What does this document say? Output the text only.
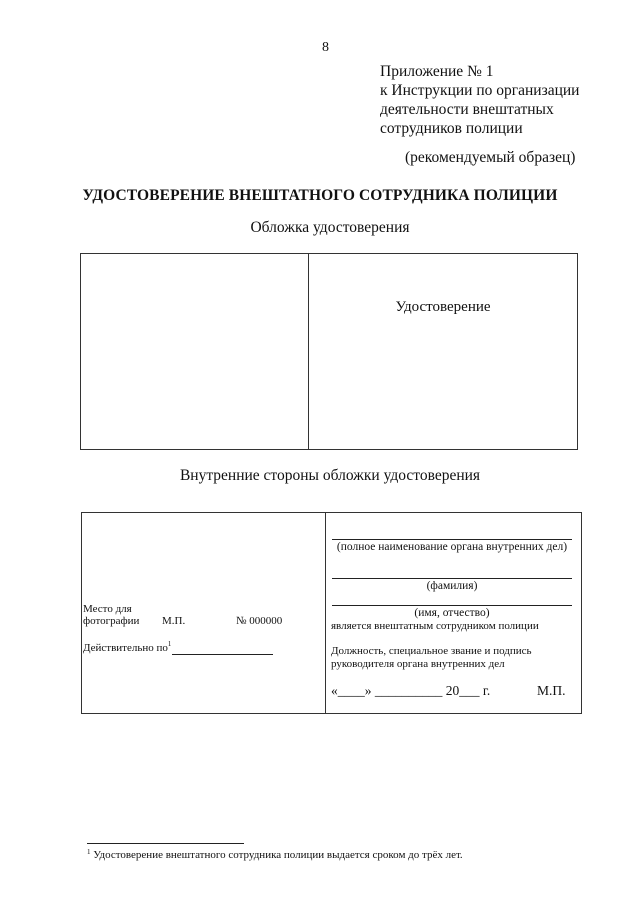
8
Приложение № 1
к Инструкции по организации
деятельности внештатных
сотрудников полиции
(рекомендуемый образец)
УДОСТОВЕРЕНИЕ ВНЕШТАТНОГО СОТРУДНИКА ПОЛИЦИИ
Обложка удостоверения
Удостоверение
Внутренние стороны обложки удостоверения
Место для
фотографии М.П.	№ 000000
Действительно $по^1$
(полное наименование органа внутренних дел)
(фамилия)
(имя, отчество)
является внештатным сотрудником полиции
Должность, специальное звание и подпись
руководителя органа внутренних дел
«____» __________ 20___ г.	М.П.
$^1$ Удостоверение внештатного сотрудника полиции выдается сроком до трёх лет.
